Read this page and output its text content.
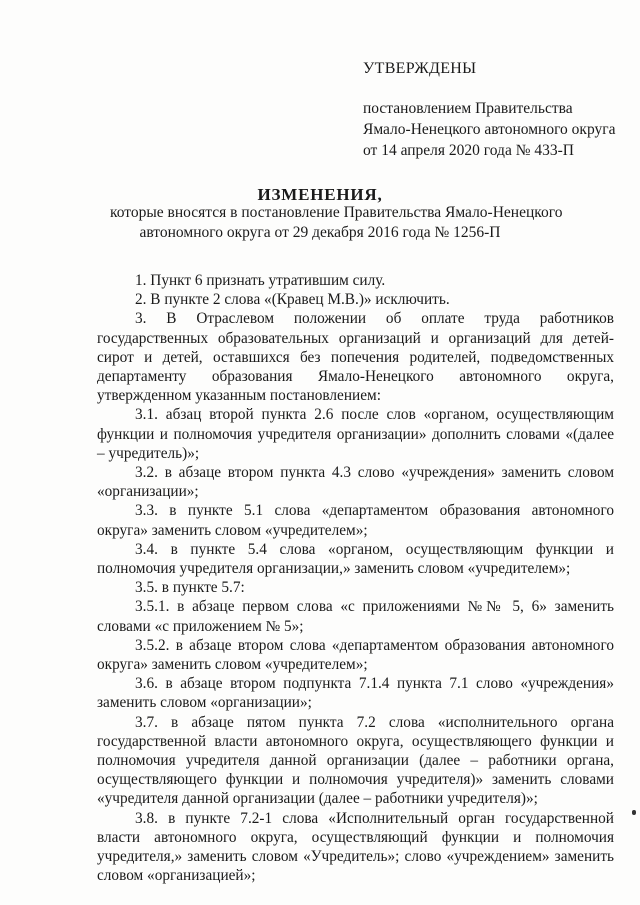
УТВЕРЖДЕНЫ
постановлением Правительства
Ямало-Ненецкого автономного округа
от 14 апреля 2020 года № 433-П
ИЗМЕНЕНИЯ,
которые вносятся в постановление Правительства Ямало-Ненецкого
автономного округа от 29 декабря 2016 года № 1256-П

1. Пункт 6 признать утратившим силу.

2. В пункте 2 слова «(Кравец М.В.)» исключить.

3. В Отраслевом положении об оплате труда работников государственных образовательных организаций и организаций для детей-сирот и детей, оставшихся без попечения родителей, подведомственных департаменту образования Ямало-Ненецкого автономного округа, утвержденном указанным постановлением:

3.1. абзац второй пункта 2.6 после слов «органом, осуществляющим функции и полномочия учредителя организации» дополнить словами «(далее – учредитель)»;

3.2. в абзаце втором пункта 4.3 слово «учреждения» заменить словом «организации»;

3.3. в пункте 5.1 слова «департаментом образования автономного округа» заменить словом «учредителем»;

3.4. в пункте 5.4 слова «органом, осуществляющим функции и полномочия учредителя организации,» заменить словом «учредителем»;

3.5. в пункте 5.7:

3.5.1. в абзаце первом слова «с приложениями №№ 5, 6» заменить словами «с приложением № 5»;

3.5.2. в абзаце втором слова «департаментом образования автономного округа» заменить словом «учредителем»;

3.6. в абзаце втором подпункта 7.1.4 пункта 7.1 слово «учреждения» заменить словом «организации»;

3.7. в абзаце пятом пункта 7.2 слова «исполнительного органа государственной власти автономного округа, осуществляющего функции и полномочия учредителя данной организации (далее – работники органа, осуществляющего функции и полномочия учредителя)» заменить словами «учредителя данной организации (далее – работники учредителя)»;

3.8. в пункте 7.2-1 слова «Исполнительный орган государственной власти автономного округа, осуществляющий функции и полномочия учредителя,» заменить словом «Учредитель»; слово «учреждением» заменить словом «организацией»;
